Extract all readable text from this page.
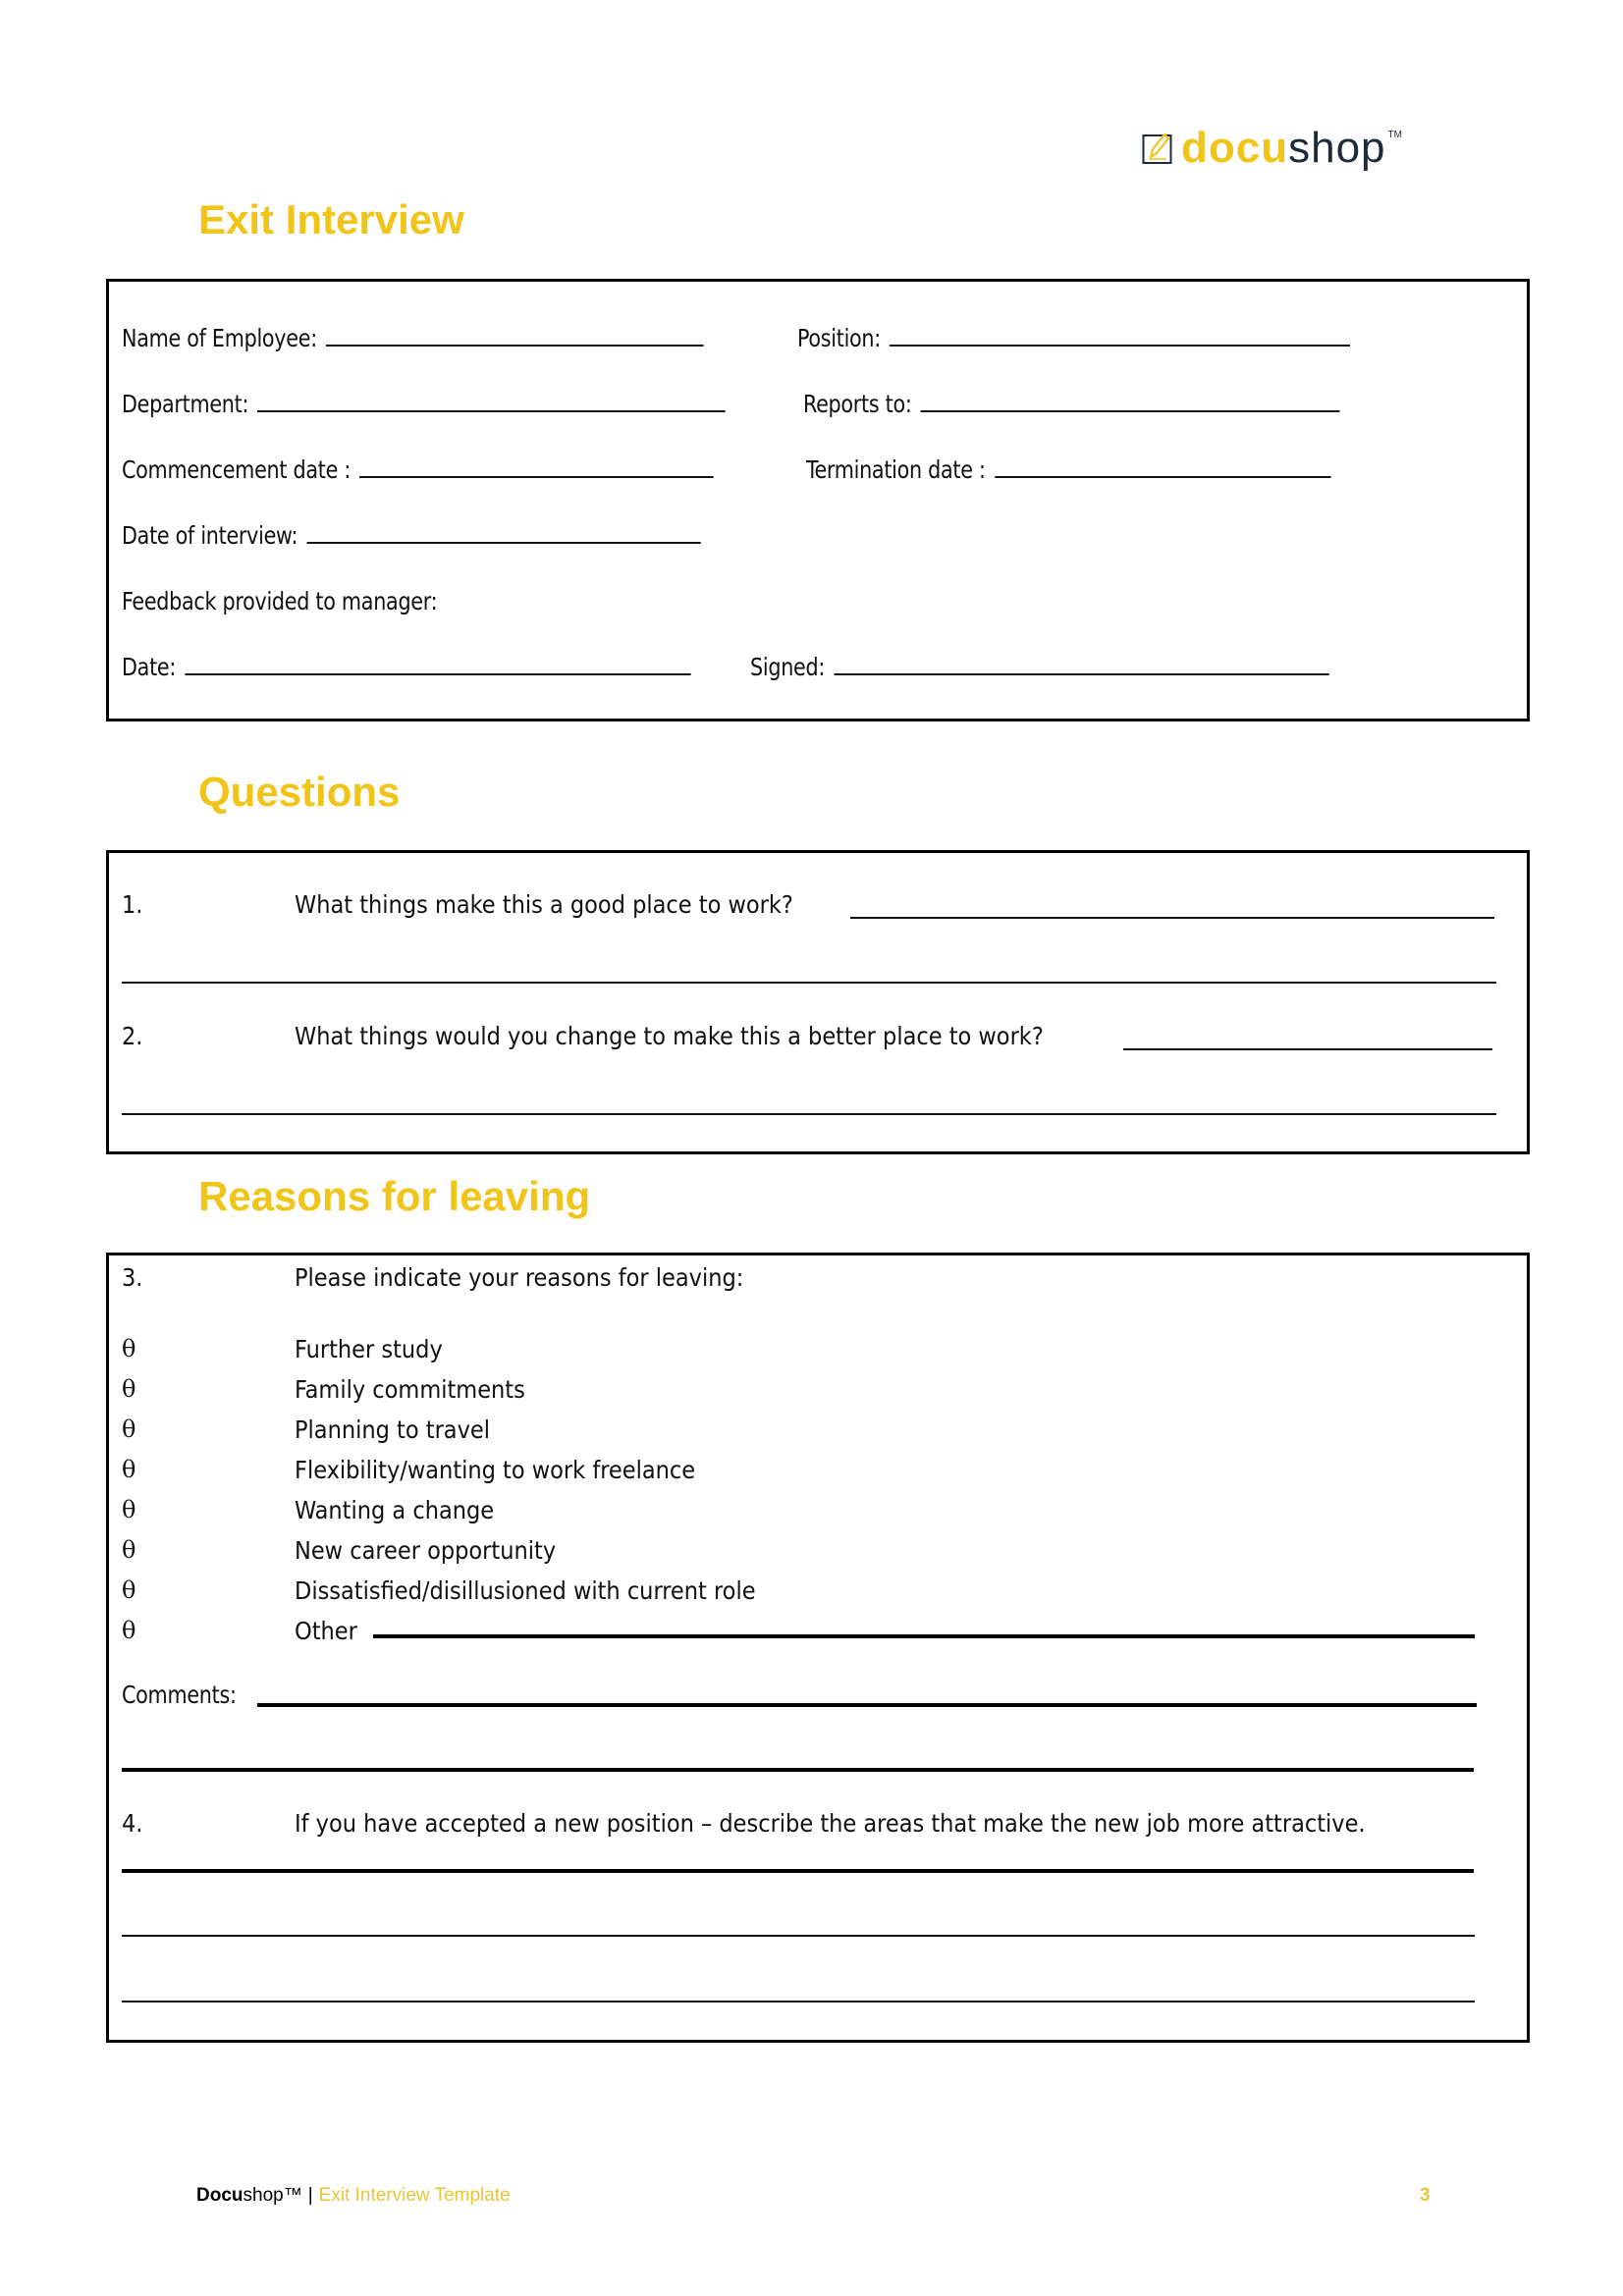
docu shop TM
Exit Interview
Name of Employee:	Position:
Department:	Reports to:
Commencement date :	Termination date :
Date of interview:
Feedback provided to manager:
Date:	Signed:
Questions
1.	What things make this a good place to work?
2.	What things would you change to make this a better place to work?
Reasons for leaving
3.	Please indicate your reasons for leaving:
θ	Further study
θ	Family commitments
θ	Planning to travel
θ	Flexibility/wanting to work freelance
θ	Wanting a change
θ	New career opportunity
θ	Dissatisfied/disillusioned with current role
θ	Other
Comments:
4.	If you have accepted a new position – describe the areas that make the new job more attractive.
Docushop™ | Exit Interview Template	3
